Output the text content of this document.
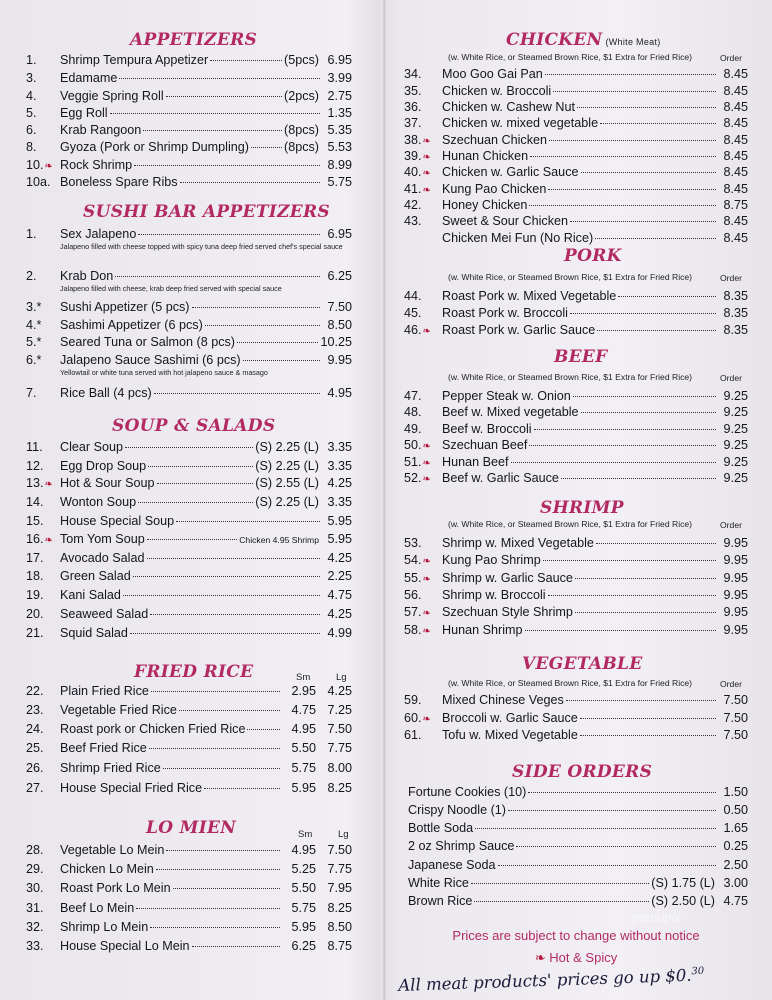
APPETIZERS
1.	Shrimp Tempura Appetizer	(5pcs) 6.95
3.	Edamame	3.99
4.	Veggie Spring Roll	(2pcs) 2.75
5.	Egg Roll	1.35
6.	Krab Rangoon	(8pcs) 5.35
8.	Gyoza (Pork or Shrimp Dumpling)	(8pcs) 5.53
10.❧ Rock Shrimp	8.99
10a. Boneless Spare Ribs	5.75
SUSHI BAR APPETIZERS
1.	Sex Jalapeno	6.95
Jalapeno filled with cheese topped with spicy tuna deep fried served chef's special sauce
2.	Krab Don	6.25
Jalapeno filled with cheese, krab deep fried served with special sauce
3.*	Sushi Appetizer (5 pcs)	7.50
4.*	Sashimi Appetizer (6 pcs)	8.50
5.*	Seared Tuna or Salmon (8 pcs)	10.25
6.*	Jalapeno Sauce Sashimi (6 pcs)	9.95
Yellowtail or white tuna served with hot jalapeno sauce & masago
7.	Rice Ball (4 pcs)	4.95
SOUP & SALADS
11.	Clear Soup	(S) 2.25 (L) 3.35
12.	Egg Drop Soup	(S) 2.25 (L) 3.35
13.❧ Hot & Sour Soup	(S) 2.55 (L) 4.25
14.	Wonton Soup	(S) 2.25 (L) 3.35
15.	House Special Soup	5.95
16.❧ Tom Yom Soup	Chicken 4.95 Shrimp 5.95
17.	Avocado Salad	4.25
18.	Green Salad	2.25
19.	Kani Salad	4.75
20.	Seaweed Salad	4.25
21.	Squid Salad	4.99
FRIED RICE	Sm	Lg
22.	Plain Fried Rice	2.95 4.25
23.	Vegetable Fried Rice	4.75 7.25
24.	Roast pork or Chicken Fried Rice	4.95 7.50
25.	Beef Fried Rice	5.50 7.75
26.	Shrimp Fried Rice	5.75 8.00
27.	House Special Fried Rice	5.95 8.25
LO MIEN	Sm	Lg
28.	Vegetable Lo Mein	4.95 7.50
29.	Chicken Lo Mein	5.25 7.75
30.	Roast Pork Lo Mein	5.50 7.95
31.	Beef Lo Mein	5.75 8.25
32.	Shrimp Lo Mein	5.95 8.50
33.	House Special Lo Mein	6.25 8.75
CHICKEN (White Meat)
(w. White Rice, or Steamed Brown Rice, $1 Extra for Fried Rice)	Order
34.	Moo Goo Gai Pan	8.45
35.	Chicken w. Broccoli	8.45
36.	Chicken w. Cashew Nut	8.45
37.	Chicken w. mixed vegetable	8.45
38.❧ Szechuan Chicken	8.45
39.❧ Hunan Chicken	8.45
40.❧ Chicken w. Garlic Sauce	8.45
41.❧ Kung Pao Chicken	8.45
42.	Honey Chicken	8.75
43.	Sweet & Sour Chicken	8.45
Chicken Mei Fun (No Rice)	8.45
PORK
(w. White Rice, or Steamed Brown Rice, $1 Extra for Fried Rice)	Order
44.	Roast Pork w. Mixed Vegetable	8.35
45.	Roast Pork w. Broccoli	8.35
46.❧ Roast Pork w. Garlic Sauce	8.35
BEEF
(w. White Rice, or Steamed Brown Rice, $1 Extra for Fried Rice)	Order
47.	Pepper Steak w. Onion	9.25
48.	Beef w. Mixed vegetable	9.25
49.	Beef w. Broccoli	9.25
50.❧ Szechuan Beef	9.25
51.❧ Hunan Beef	9.25
52.❧ Beef w. Garlic Sauce	9.25
SHRIMP
(w. White Rice, or Steamed Brown Rice, $1 Extra for Fried Rice)	Order
53.	Shrimp w. Mixed Vegetable	9.95
54.❧ Kung Pao Shrimp	9.95
55.❧ Shrimp w. Garlic Sauce	9.95
56.	Shrimp w. Broccoli	9.95
57.❧ Szechuan Style Shrimp	9.95
58.❧ Hunan Shrimp	9.95
VEGETABLE
(w. White Rice, or Steamed Brown Rice, $1 Extra for Fried Rice)	Order
59.	Mixed Chinese Veges	7.50
60.❧ Broccoli w. Garlic Sauce	7.50
61.	Tofu w. Mixed Vegetable	7.50
SIDE ORDERS
Fortune Cookies (10)	1.50
Crispy Noodle (1)	0.50
Bottle Soda	1.65
2 oz Shrimp Sauce	0.25
Japanese Soda	2.50
White Rice	(S) 1.75 (L) 3.00
Brown Rice	(S) 2.50 (L) 4.75
Prices are subject to change without notice
❧ Hot & Spicy
All meat products' prices go up $0.30
menupix
